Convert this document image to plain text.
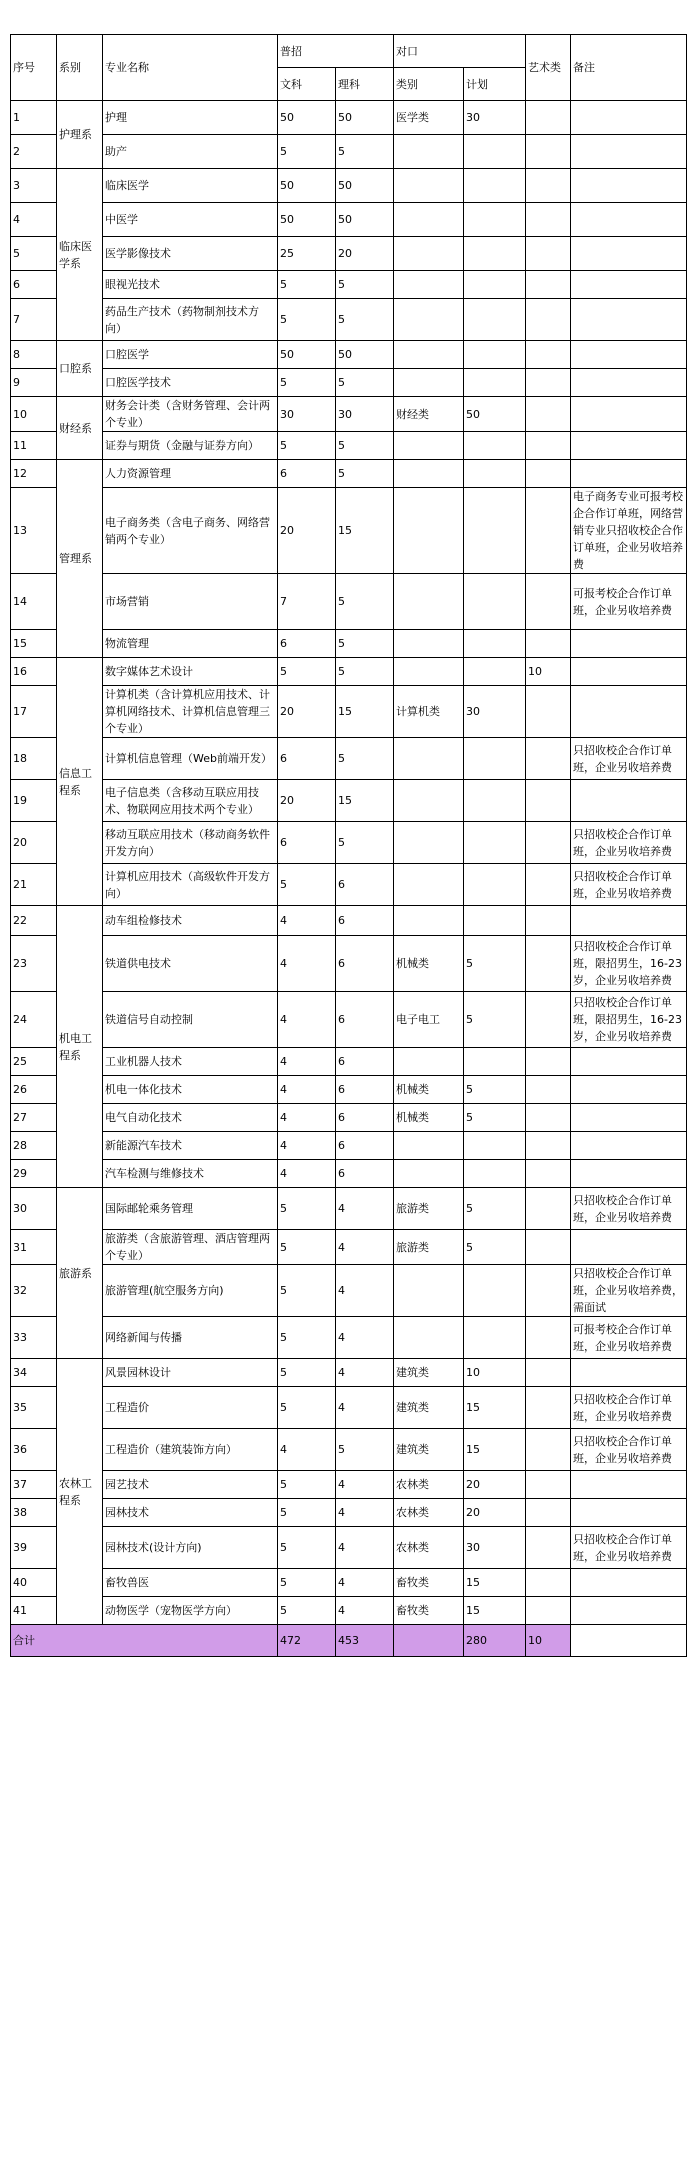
序号	系别	专业名称	普招		对口		艺术类	备注
			文科	理科	类别	计划		
1	护理系	护理	50	50	医学类	30		
2		助产	5	5				
3	临床医学系	临床医学	50	50				
4		中医学	50	50				
5		医学影像技术	25	20				
6		眼视光技术	5	5				
7		药品生产技术（药物制剂技术方向）	5	5				
8	口腔系	口腔医学	50	50				
9		口腔医学技术	5	5				
10	财经系	财务会计类（含财务管理、会计两个专业）	30	30	财经类	50		
11		证券与期货（金融与证券方向）	5	5				
12	管理系	人力资源管理	6	5				
13		电子商务类（含电子商务、网络营销两个专业）	20	15				电子商务专业可报考校企合作订单班，网络营销专业只招收校企合作订单班，企业另收培养费
14		市场营销	7	5				可报考校企合作订单班，企业另收培养费
15		物流管理	6	5				
16	信息工程系	数字媒体艺术设计	5	5			10	
17		计算机类（含计算机应用技术、计算机网络技术、计算机信息管理三个专业）	20	15	计算机类	30		
18		计算机信息管理（Web前端开发）	6	5				只招收校企合作订单班，企业另收培养费
19		电子信息类（含移动互联应用技术、物联网应用技术两个专业）	20	15				
20		移动互联应用技术（移动商务软件开发方向）	6	5				只招收校企合作订单班，企业另收培养费
21		计算机应用技术（高级软件开发方向）	5	6				只招收校企合作订单班，企业另收培养费
22	机电工程系	动车组检修技术	4	6				
23		铁道供电技术	4	6	机械类	5		只招收校企合作订单班，限招男生，16-23岁，企业另收培养费
24		铁道信号自动控制	4	6	电子电工	5		只招收校企合作订单班，限招男生，16-23岁，企业另收培养费
25		工业机器人技术	4	6				
26		机电一体化技术	4	6	机械类	5		
27		电气自动化技术	4	6	机械类	5		
28		新能源汽车技术	4	6				
29		汽车检测与维修技术	4	6				
30	旅游系	国际邮轮乘务管理	5	4	旅游类	5		只招收校企合作订单班，企业另收培养费
31		旅游类（含旅游管理、酒店管理两个专业）	5	4	旅游类	5		
32		旅游管理(航空服务方向)	5	4				只招收校企合作订单班，企业另收培养费，需面试
33		网络新闻与传播	5	4				可报考校企合作订单班，企业另收培养费
34	农林工程系	风景园林设计	5	4	建筑类	10		
35		工程造价	5	4	建筑类	15		只招收校企合作订单班，企业另收培养费
36		工程造价（建筑装饰方向）	4	5	建筑类	15		只招收校企合作订单班，企业另收培养费
37		园艺技术	5	4	农林类	20		
38		园林技术	5	4	农林类	20		
39		园林技术(设计方向)	5	4	农林类	30		只招收校企合作订单班，企业另收培养费
40		畜牧兽医	5	4	畜牧类	15		
41		动物医学（宠物医学方向）	5	4	畜牧类	15		
合计			472	453		280	10	
